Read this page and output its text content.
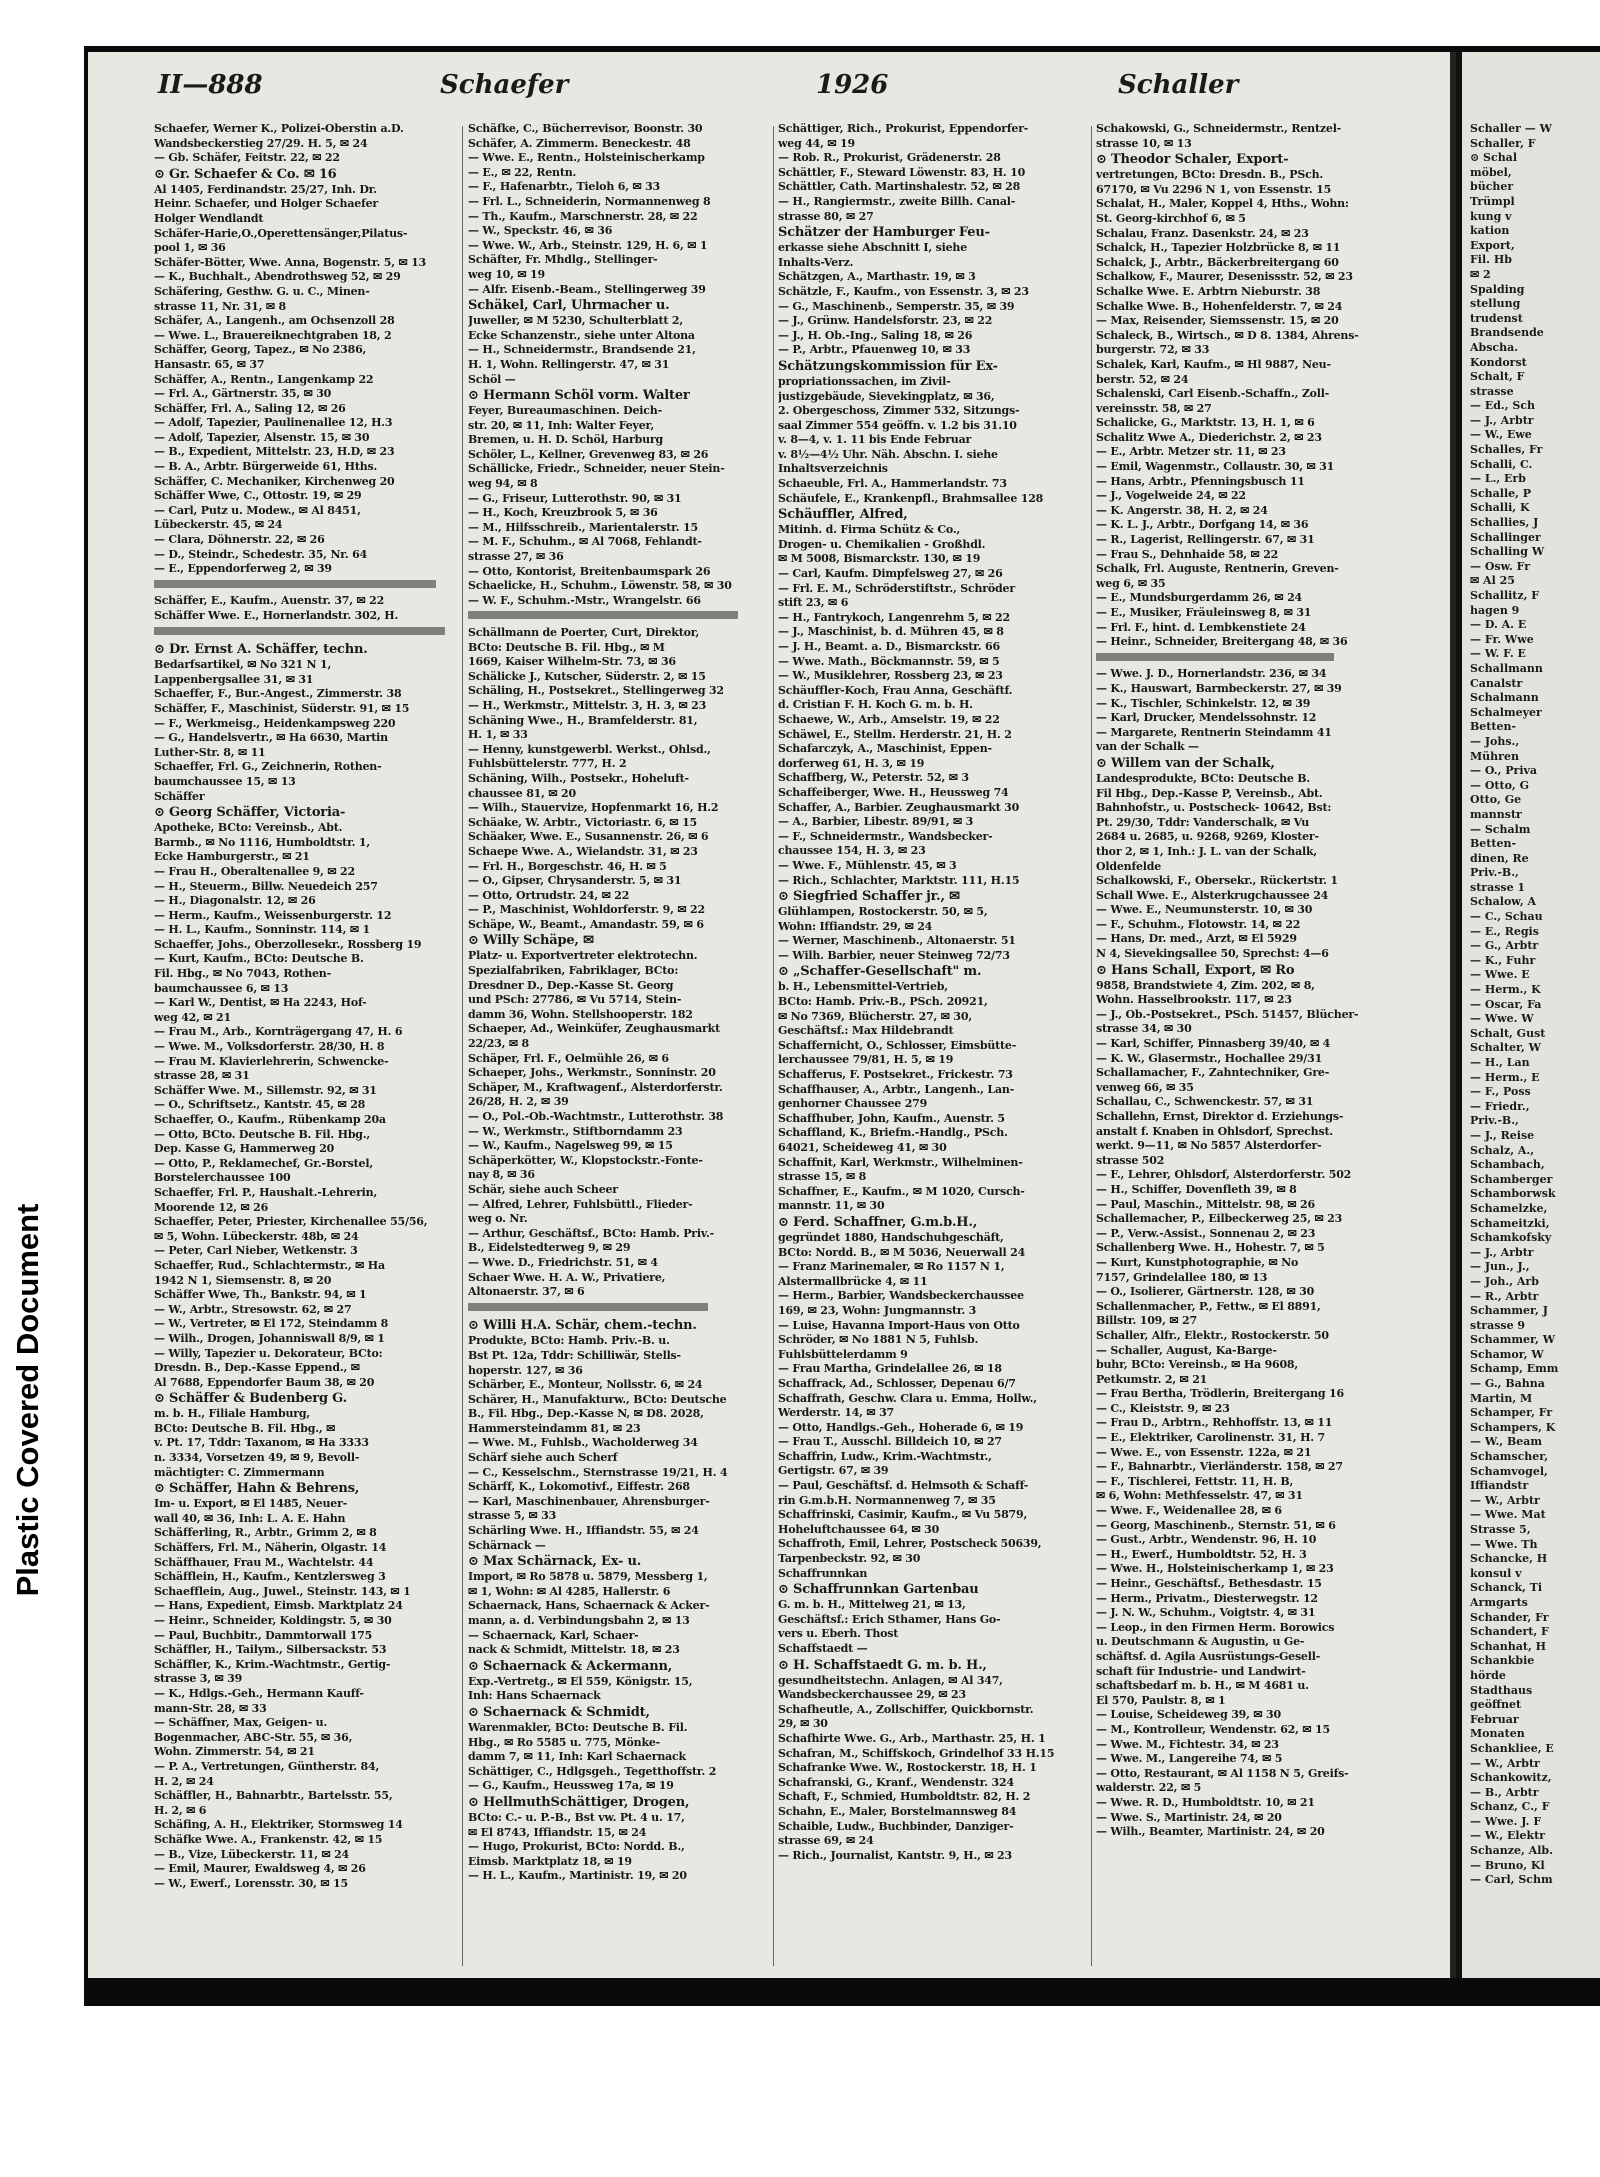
Plastic Covered Document
II—888	Schaefer	1926	Schaller
Schaefer, Werner K., Polizei-Oberstin a.D.
Wandsbeckerstieg 27/29. H. 5, ✉ 24
— Gb. Schäfer, Feitstr. 22, ✉ 22
⊙ Gr. Schaefer & Co. ✉ 16
Al 1405, Ferdinandstr. 25/27, Inh. Dr.
Heinr. Schaefer, und Holger Schaefer
Holger Wendlandt
Schäfer-Harie,O.,Operettensänger,Pilatus-
pool 1, ✉ 36
Schäfer-Bötter, Wwe. Anna, Bogenstr. 5, ✉ 13
— K., Buchhalt., Abendrothsweg 52, ✉ 29
Schäfering, Gesthw. G. u. C., Minen-
strasse 11, Nr. 31, ✉ 8
Schäfer, A., Langenh., am Ochsenzoll 28
— Wwe. L., Brauereiknechtgraben 18, 2
Schäffer, Georg, Tapez., ✉ No 2386,
Hansastr. 65, ✉ 37
Schäffer, A., Rentn., Langenkamp 22
— Frl. A., Gärtnerstr. 35, ✉ 30
Schäffer, Frl. A., Saling 12, ✉ 26
— Adolf, Tapezier, Paulinenallee 12, H.3
— Adolf, Tapezier, Alsenstr. 15, ✉ 30
— B., Expedient, Mittelstr. 23, H.D, ✉ 23
— B. A., Arbtr. Bürgerweide 61, Hths.
Schäffer, C. Mechaniker, Kirchenweg 20
Schäffer Wwe, C., Ottostr. 19, ✉ 29
— Carl, Putz u. Modew., ✉ Al 8451,
Lübeckerstr. 45, ✉ 24
— Clara, Döhnerstr. 22, ✉ 26
— D., Steindr., Schedestr. 35, Nr. 64
— E., Eppendorferweg 2, ✉ 39
Schäffer, E., Kaufm., Auenstr. 37, ✉ 22
Schäffer Wwe. E., Hornerlandstr. 302, H.
⊙ Dr. Ernst A. Schäffer, techn.
Bedarfsartikel, ✉ No 321 N 1,
Lappenbergsallee 31, ✉ 31
Schaeffer, F., Bur.-Angest., Zimmerstr. 38
Schäffer, F., Maschinist, Süderstr. 91, ✉ 15
— F., Werkmeisg., Heidenkampsweg 220
— G., Handelsvertr., ✉ Ha 6630, Martin
Luther-Str. 8, ✉ 11
Schaeffer, Frl. G., Zeichnerin, Rothen-
baumchaussee 15, ✉ 13
Schäffer
⊙ Georg Schäffer, Victoria-
Apotheke, BCto: Vereinsb., Abt.
Barmb., ✉ No 1116, Humboldtstr. 1,
Ecke Hamburgerstr., ✉ 21
— Frau H., Oberaltenallee 9, ✉ 22
— H., Steuerm., Billw. Neuedeich 257
— H., Diagonalstr. 12, ✉ 26
— Herm., Kaufm., Weissenburgerstr. 12
— H. L., Kaufm., Sonninstr. 114, ✉ 1
Schaeffer, Johs., Oberzollesekr., Rossberg 19
— Kurt, Kaufm., BCto: Deutsche B.
Fil. Hbg., ✉ No 7043, Rothen-
baumchaussee 6, ✉ 13
— Karl W., Dentist, ✉ Ha 2243, Hof-
weg 42, ✉ 21
— Frau M., Arb., Kornträgergang 47, H. 6
— Wwe. M., Volksdorferstr. 28/30, H. 8
— Frau M. Klavierlehrerin, Schwencke-
strasse 28, ✉ 31
Schäffer Wwe. M., Sillemstr. 92, ✉ 31
— O., Schriftsetz., Kantstr. 45, ✉ 28
Schaeffer, O., Kaufm., Rübenkamp 20a
— Otto, BCto. Deutsche B. Fil. Hbg.,
Dep. Kasse G, Hammerweg 20
— Otto, P., Reklamechef, Gr.-Borstel,
Borstelerchaussee 100
Schaeffer, Frl. P., Haushalt.-Lehrerin,
Moorende 12, ✉ 26
Schaeffer, Peter, Priester, Kirchenallee 55/56,
✉ 5, Wohn. Lübeckerstr. 48b, ✉ 24
— Peter, Carl Nieber, Wetkenstr. 3
Schaeffer, Rud., Schlachtermstr., ✉ Ha
1942 N 1, Siemsenstr. 8, ✉ 20
Schäffer Wwe, Th., Bankstr. 94, ✉ 1
— W., Arbtr., Stresowstr. 62, ✉ 27
— W., Vertreter, ✉ El 172, Steindamm 8
— Wilh., Drogen, Johanniswall 8/9, ✉ 1
— Willy, Tapezier u. Dekorateur, BCto:
Dresdn. B., Dep.-Kasse Eppend., ✉
Al 7688, Eppendorfer Baum 38, ✉ 20
⊙ Schäffer & Budenberg G.
m. b. H., Filiale Hamburg,
BCto: Deutsche B. Fil. Hbg., ✉
v. Pt. 17, Tddr: Taxanom, ✉ Ha 3333
n. 3334, Vorsetzen 49, ✉ 9, Bevoll-
mächtigter: C. Zimmermann
⊙ Schäffer, Hahn & Behrens,
Im- u. Export, ✉ El 1485, Neuer-
wall 40, ✉ 36, Inh: L. A. E. Hahn
Schäfferling, R., Arbtr., Grimm 2, ✉ 8
Schäffers, Frl. M., Näherin, Olgastr. 14
Schäffhauer, Frau M., Wachtelstr. 44
Schäfflein, H., Kaufm., Kentzlersweg 3
Schaefflein, Aug., Juwel., Steinstr. 143, ✉ 1
— Hans, Expedient, Eimsb. Marktplatz 24
— Heinr., Schneider, Koldingstr. 5, ✉ 30
— Paul, Buchbitr., Dammtorwall 175
Schäffler, H., Tailym., Silbersackstr. 53
Schäffler, K., Krim.-Wachtmstr., Gertig-
strasse 3, ✉ 39
— K., Hdlgs.-Geh., Hermann Kauff-
mann-Str. 28, ✉ 33
— Schäffner, Max, Geigen- u.
Bogenmacher, ABC-Str. 55, ✉ 36,
Wohn. Zimmerstr. 54, ✉ 21
— P. A., Vertretungen, Güntherstr. 84,
H. 2, ✉ 24
Schäffler, H., Bahnarbtr., Bartelsstr. 55,
H. 2, ✉ 6
Schäfing, A. H., Elektriker, Stormsweg 14
Schäfke Wwe. A., Frankenstr. 42, ✉ 15
— B., Vize, Lübeckerstr. 11, ✉ 24
— Emil, Maurer, Ewaldsweg 4, ✉ 26
— W., Ewerf., Lorensstr. 30, ✉ 15
Schäfke, C., Bücherrevisor, Boonstr. 30
Schäfer, A. Zimmerm. Beneckestr. 48
— Wwe. E., Rentn., Holsteinischerkamp
— E., ✉ 22, Rentn.
— F., Hafenarbtr., Tieloh 6, ✉ 33
— Frl. L., Schneiderin, Normannenweg 8
— Th., Kaufm., Marschnerstr. 28, ✉ 22
— W., Speckstr. 46, ✉ 36
— Wwe. W., Arb., Steinstr. 129, H. 6, ✉ 1
Schäfter, Fr. Mhdlg., Stellinger-
weg 10, ✉ 19
— Alfr. Eisenb.-Beam., Stellingerweg 39
Schäkel, Carl, Uhrmacher u.
Juweller, ✉ M 5230, Schulterblatt 2,
Ecke Schanzenstr., siehe unter Altona
— H., Schneidermstr., Brandsende 21,
H. 1, Wohn. Rellingerstr. 47, ✉ 31
Schöl —
⊙ Hermann Schöl vorm. Walter
Feyer, Bureaumaschinen. Deich-
str. 20, ✉ 11, Inh: Walter Feyer,
Bremen, u. H. D. Schöl, Harburg
Schöler, L., Kellner, Grevenweg 83, ✉ 26
Schällicke, Friedr., Schneider, neuer Stein-
weg 94, ✉ 8
— G., Friseur, Lutterothstr. 90, ✉ 31
— H., Koch, Kreuzbrook 5, ✉ 36
— M., Hilfsschreib., Marientalerstr. 15
— M. F., Schuhm., ✉ Al 7068, Fehlandt-
strasse 27, ✉ 36
— Otto, Kontorist, Breitenbaumspark 26
Schaelicke, H., Schuhm., Löwenstr. 58, ✉ 30
— W. F., Schuhm.-Mstr., Wrangelstr. 66
Schällmann de Poerter, Curt, Direktor,
BCto: Deutsche B. Fil. Hbg., ✉ M
1669, Kaiser Wilhelm-Str. 73, ✉ 36
Schälicke J., Kutscher, Süderstr. 2, ✉ 15
Schäling, H., Postsekret., Stellingerweg 32
— H., Werkmstr., Mittelstr. 3, H. 3, ✉ 23
Schäning Wwe., H., Bramfelderstr. 81,
H. 1, ✉ 33
— Henny, kunstgewerbl. Werkst., Ohlsd.,
Fuhlsbüttelerstr. 777, H. 2
Schäning, Wilh., Postsekr., Hoheluft-
chaussee 81, ✉ 20
— Wilh., Stauervize, Hopfenmarkt 16, H.2
Schäake, W. Arbtr., Victoriastr. 6, ✉ 15
Schäaker, Wwe. E., Susannenstr. 26, ✉ 6
Schaepe Wwe. A., Wielandstr. 31, ✉ 23
— Frl. H., Borgeschstr. 46, H. ✉ 5
— O., Gipser, Chrysanderstr. 5, ✉ 31
— Otto, Ortrudstr. 24, ✉ 22
— P., Maschinist, Wohldorferstr. 9, ✉ 22
Schäpe, W., Beamt., Amandastr. 59, ✉ 6
⊙ Willy Schäpe, ✉
Platz- u. Exportvertreter elektrotechn.
Spezialfabriken, Fabriklager, BCto:
Dresdner D., Dep.-Kasse St. Georg
und PSch: 27786, ✉ Vu 5714, Stein-
damm 36, Wohn. Stellshooperstr. 182
Schaeper, Ad., Weinküfer, Zeughausmarkt
22/23, ✉ 8
Schäper, Frl. F., Oelmühle 26, ✉ 6
Schaeper, Johs., Werkmstr., Sonninstr. 20
Schäper, M., Kraftwagenf., Alsterdorferstr.
26/28, H. 2, ✉ 39
— O., Pol.-Ob.-Wachtmstr., Lutterothstr. 38
— W., Werkmstr., Stiftborndamm 23
— W., Kaufm., Nagelsweg 99, ✉ 15
Schäperkötter, W., Klopstockstr.-Fonte-
nay 8, ✉ 36
Schär, siehe auch Scheer
— Alfred, Lehrer, Fuhlsbüttl., Flieder-
weg o. Nr.
— Arthur, Geschäftsf., BCto: Hamb. Priv.-
B., Eidelstedterweg 9, ✉ 29
— Wwe. D., Friedrichstr. 51, ✉ 4
Schaer Wwe. H. A. W., Privatiere,
Altonaerstr. 37, ✉ 6
⊙ Willi H.A. Schär, chem.-techn.
Produkte, BCto: Hamb. Priv.-B. u.
Bst Pt. 12a, Tddr: Schilliwär, Stells-
hoperstr. 127, ✉ 36
Schärber, E., Monteur, Nollsstr. 6, ✉ 24
Schärer, H., Manufakturw., BCto: Deutsche
B., Fil. Hbg., Dep.-Kasse N, ✉ D8. 2028,
Hammersteindamm 81, ✉ 23
— Wwe. M., Fuhlsb., Wacholderweg 34
Schärf siehe auch Scherf
— C., Kesselschm., Sternstrasse 19/21, H. 4
Schärff, K., Lokomotivf., Eiffestr. 268
— Karl, Maschinenbauer, Ahrensburger-
strasse 5, ✉ 33
Schärling Wwe. H., Iffiandstr. 55, ✉ 24
Schärnack —
⊙ Max Schärnack, Ex- u.
Import, ✉ Ro 5878 u. 5879, Messberg 1,
✉ 1, Wohn: ✉ Al 4285, Hallerstr. 6
Schaernack, Hans, Schaernack & Acker-
mann, a. d. Verbindungsbahn 2, ✉ 13
— Schaernack, Karl, Schaer-
nack & Schmidt, Mittelstr. 18, ✉ 23
⊙ Schaernack & Ackermann,
Exp.-Vertretg., ✉ El 559, Königstr. 15,
Inh: Hans Schaernack
⊙ Schaernack & Schmidt,
Warenmakler, BCto: Deutsche B. Fil.
Hbg., ✉ Ro 5585 u. 775, Mönke-
damm 7, ✉ 11, Inh: Karl Schaernack
Schättiger, C., Hdlgsgeh., Tegetthoffstr. 2
— G., Kaufm., Heussweg 17a, ✉ 19
⊙ HellmuthSchättiger, Drogen,
BCto: C.- u. P.-B., Bst vw. Pt. 4 u. 17,
✉ El 8743, Iffiandstr. 15, ✉ 24
— Hugo, Prokurist, BCto: Nordd. B.,
Eimsb. Marktplatz 18, ✉ 19
— H. L., Kaufm., Martinistr. 19, ✉ 20
Schättiger, Rich., Prokurist, Eppendorfer-
weg 44, ✉ 19
— Rob. R., Prokurist, Grädenerstr. 28
Schättler, F., Steward Löwenstr. 83, H. 10
Schättler, Cath. Martinshalestr. 52, ✉ 28
— H., Rangiermstr., zweite Billh. Canal-
strasse 80, ✉ 27
Schätzer der Hamburger Feu-
erkasse siehe Abschnitt I, siehe
Inhalts-Verz.
Schätzgen, A., Marthastr. 19, ✉ 3
Schätzle, F., Kaufm., von Essenstr. 3, ✉ 23
— G., Maschinenb., Semperstr. 35, ✉ 39
— J., Grünw. Handelsforstr. 23, ✉ 22
— J., H. Ob.-Ing., Saling 18, ✉ 26
— P., Arbtr., Pfauenweg 10, ✉ 33
Schätzungskommission für Ex-
propriationssachen, im Zivil-
justizgebäude, Sievekingplatz, ✉ 36,
2. Obergeschoss, Zimmer 532, Sitzungs-
saal Zimmer 554 geöffn. v. 1.2 bis 31.10
v. 8—4, v. 1. 11 bis Ende Februar
v. 8½—4½ Uhr. Näh. Abschn. I. siehe
Inhaltsverzeichnis
Schaeuble, Frl. A., Hammerlandstr. 73
Schäufele, E., Krankenpfl., Brahmsallee 128
Schäuffler, Alfred,
Mitinh. d. Firma Schütz & Co.,
Drogen- u. Chemikalien - Großhdl.
✉ M 5008, Bismarckstr. 130, ✉ 19
— Carl, Kaufm. Dimpfelsweg 27, ✉ 26
— Frl. E. M., Schröderstiftstr., Schröder
stift 23, ✉ 6
— H., Fantrykoch, Langenrehm 5, ✉ 22
— J., Maschinist, b. d. Mühren 45, ✉ 8
— J. H., Beamt. a. D., Bismarckstr. 66
— Wwe. Math., Böckmannstr. 59, ✉ 5
— W., Musiklehrer, Rossberg 23, ✉ 23
Schäuffler-Koch, Frau Anna, Geschäftf.
d. Cristian F. H. Koch G. m. b. H.
Schaewe, W., Arb., Amselstr. 19, ✉ 22
Schäwel, E., Stellm. Herderstr. 21, H. 2
Schafarczyk, A., Maschinist, Eppen-
dorferweg 61, H. 3, ✉ 19
Schaffberg, W., Peterstr. 52, ✉ 3
Schaffeiberger, Wwe. H., Heussweg 74
Schaffer, A., Barbier. Zeughausmarkt 30
— A., Barbier, Libestr. 89/91, ✉ 3
— F., Schneidermstr., Wandsbecker-
chaussee 154, H. 3, ✉ 23
— Wwe. F., Mühlenstr. 45, ✉ 3
— Rich., Schlachter, Marktstr. 111, H.15
⊙ Siegfried Schaffer jr., ✉
Glühlampen, Rostockerstr. 50, ✉ 5,
Wohn: Iffiandstr. 29, ✉ 24
— Werner, Maschinenb., Altonaerstr. 51
— Wilh. Barbier, neuer Steinweg 72/73
⊙ „Schaffer-Gesellschaft" m.
b. H., Lebensmittel-Vertrieb,
BCto: Hamb. Priv.-B., PSch. 20921,
✉ No 7369, Blücherstr. 27, ✉ 30,
Geschäftsf.: Max Hildebrandt
Schaffernicht, O., Schlosser, Eimsbütte-
lerchaussee 79/81, H. 5, ✉ 19
Schafferus, F. Postsekret., Frickestr. 73
Schaffhauser, A., Arbtr., Langenh., Lan-
genhorner Chaussee 279
Schaffhuber, John, Kaufm., Auenstr. 5
Schaffland, K., Briefm.-Handlg., PSch.
64021, Scheideweg 41, ✉ 30
Schaffnit, Karl, Werkmstr., Wilhelminen-
strasse 15, ✉ 8
Schaffner, E., Kaufm., ✉ M 1020, Cursch-
mannstr. 11, ✉ 30
⊙ Ferd. Schaffner, G.m.b.H.,
gegründet 1880, Handschuhgeschäft,
BCto: Nordd. B., ✉ M 5036, Neuerwall 24
— Franz Marinemaler, ✉ Ro 1157 N 1,
Alstermallbrücke 4, ✉ 11
— Herm., Barbier, Wandsbeckerchaussee
169, ✉ 23, Wohn: Jungmannstr. 3
— Luise, Havanna Import-Haus von Otto
Schröder, ✉ No 1881 N 5, Fuhlsb.
Fuhlsbüttelerdamm 9
— Frau Martha, Grindelallee 26, ✉ 18
Schaffrack, Ad., Schlosser, Depenau 6/7
Schaffrath, Geschw. Clara u. Emma, Hollw.,
Werderstr. 14, ✉ 37
— Otto, Handlgs.-Geh., Hoherade 6, ✉ 19
— Frau T., Ausschl. Billdeich 10, ✉ 27
Schaffrin, Ludw., Krim.-Wachtmstr.,
Gertigstr. 67, ✉ 39
— Paul, Geschäftsf. d. Helmsoth & Schaff-
rin G.m.b.H. Normannenweg 7, ✉ 35
Schaffrinski, Casimir, Kaufm., ✉ Vu 5879,
Hoheluftchaussee 64, ✉ 30
Schaffroth, Emil, Lehrer, Postscheck 50639,
Tarpenbeckstr. 92, ✉ 30
Schaffrunnkan
⊙ Schaffrunnkan Gartenbau
G. m. b. H., Mittelweg 21, ✉ 13,
Geschäftsf.: Erich Sthamer, Hans Go-
vers u. Eberh. Thost
Schaffstaedt —
⊙ H. Schaffstaedt G. m. b. H.,
gesundheitstechn. Anlagen, ✉ Al 347,
Wandsbeckerchaussee 29, ✉ 23
Schafheutle, A., Zollschiffer, Quickbornstr.
29, ✉ 30
Schafhirte Wwe. G., Arb., Marthastr. 25, H. 1
Schafran, M., Schiffskoch, Grindelhof 33 H.15
Schafranke Wwe. W., Rostockerstr. 18, H. 1
Schafranski, G., Kranf., Wendenstr. 324
Schaft, F., Schmied, Humboldtstr. 82, H. 2
Schahn, E., Maler, Borstelmannsweg 84
Schaible, Ludw., Buchbinder, Danziger-
strasse 69, ✉ 24
— Rich., Journalist, Kantstr. 9, H., ✉ 23
Schakowski, G., Schneidermstr., Rentzel-
strasse 10, ✉ 13
⊙ Theodor Schaler, Export-
vertretungen, BCto: Dresdn. B., PSch.
67170, ✉ Vu 2296 N 1, von Essenstr. 15
Schalat, H., Maler, Koppel 4, Hths., Wohn:
St. Georg-kirchhof 6, ✉ 5
Schalau, Franz. Dasenkstr. 24, ✉ 23
Schalck, H., Tapezier Holzbrücke 8, ✉ 11
Schalck, J., Arbtr., Bäckerbreitergang 60
Schalkow, F., Maurer, Desenissstr. 52, ✉ 23
Schalke Wwe. E. Arbtrn Nieburstr. 38
Schalke Wwe. B., Hohenfelderstr. 7, ✉ 24
— Max, Reisender, Siemssenstr. 15, ✉ 20
Schaleck, B., Wirtsch., ✉ D 8. 1384, Ahrens-
burgerstr. 72, ✉ 33
Schalek, Karl, Kaufm., ✉ Hl 9887, Neu-
berstr. 52, ✉ 24
Schalenski, Carl Eisenb.-Schaffn., Zoll-
vereinsstr. 58, ✉ 27
Schalicke, G., Marktstr. 13, H. 1, ✉ 6
Schalitz Wwe A., Diederichstr. 2, ✉ 23
— E., Arbtr. Metzer str. 11, ✉ 23
— Emil, Wagenmstr., Collaustr. 30, ✉ 31
— Hans, Arbtr., Pfenningsbusch 11
— J., Vogelweide 24, ✉ 22
— K. Angerstr. 38, H. 2, ✉ 24
— K. L. J., Arbtr., Dorfgang 14, ✉ 36
— R., Lagerist, Rellingerstr. 67, ✉ 31
— Frau S., Dehnhaide 58, ✉ 22
Schalk, Frl. Auguste, Rentnerin, Greven-
weg 6, ✉ 35
— E., Mundsburgerdamm 26, ✉ 24
— E., Musiker, Fräuleinsweg 8, ✉ 31
— Frl. F., hint. d. Lembkenstiete 24
— Heinr., Schneider, Breitergang 48, ✉ 36
— Wwe. J. D., Hornerlandstr. 236, ✉ 34
— K., Hauswart, Barmbeckerstr. 27, ✉ 39
— K., Tischler, Schinkelstr. 12, ✉ 39
— Karl, Drucker, Mendelssohnstr. 12
— Margarete, Rentnerin Steindamm 41
van der Schalk —
⊙ Willem van der Schalk,
Landesprodukte, BCto: Deutsche B.
Fil Hbg., Dep.-Kasse P, Vereinsb., Abt.
Bahnhofstr., u. Postscheck- 10642, Bst:
Pt. 29/30, Tddr: Vanderschalk, ✉ Vu
2684 u. 2685, u. 9268, 9269, Kloster-
thor 2, ✉ 1, Inh.: J. L. van der Schalk,
Oldenfelde
Schalkowski, F., Obersekr., Rückertstr. 1
Schall Wwe. E., Alsterkrugchaussee 24
— Wwe. E., Neumunsterstr. 10, ✉ 30
— F., Schuhm., Flotowstr. 14, ✉ 22
— Hans, Dr. med., Arzt, ✉ El 5929
N 4, Sievekingsallee 50, Sprechst: 4—6
⊙ Hans Schall, Export, ✉ Ro
9858, Brandstwiete 4, Zim. 202, ✉ 8,
Wohn. Hasselbrookstr. 117, ✉ 23
— J., Ob.-Postsekret., PSch. 51457, Blücher-
strasse 34, ✉ 30
— Karl, Schiffer, Pinnasberg 39/40, ✉ 4
— K. W., Glasermstr., Hochallee 29/31
Schallamacher, F., Zahntechniker, Gre-
venweg 66, ✉ 35
Schallau, C., Schwenckestr. 57, ✉ 31
Schallehn, Ernst, Direktor d. Erziehungs-
anstalt f. Knaben in Ohlsdorf, Sprechst.
werkt. 9—11, ✉ No 5857 Alsterdorfer-
strasse 502
— F., Lehrer, Ohlsdorf, Alsterdorferstr. 502
— H., Schiffer, Dovenfleth 39, ✉ 8
— Paul, Maschin., Mittelstr. 98, ✉ 26
Schallemacher, P., Eilbeckerweg 25, ✉ 23
— P., Verw.-Assist., Sonnenau 2, ✉ 23
Schallenberg Wwe. H., Hohestr. 7, ✉ 5
— Kurt, Kunstphotographie, ✉ No
7157, Grindelallee 180, ✉ 13
— O., Isolierer, Gärtnerstr. 128, ✉ 30
Schallenmacher, P., Fettw., ✉ El 8891,
Billstr. 109, ✉ 27
Schaller, Alfr., Elektr., Rostockerstr. 50
— Schaller, August, Ka-Barge-
buhr, BCto: Vereinsb., ✉ Ha 9608,
Petkumstr. 2, ✉ 21
— Frau Bertha, Trödlerin, Breitergang 16
— C., Kleiststr. 9, ✉ 23
— Frau D., Arbtrn., Rehhoffstr. 13, ✉ 11
— E., Elektriker, Carolinenstr. 31, H. 7
— Wwe. E., von Essenstr. 122a, ✉ 21
— F., Bahnarbtr., Vierländerstr. 158, ✉ 27
— F., Tischlerei, Fettstr. 11, H. B,
✉ 6, Wohn: Methfesselstr. 47, ✉ 31
— Wwe. F., Weidenallee 28, ✉ 6
— Georg, Maschinenb., Sternstr. 51, ✉ 6
— Gust., Arbtr., Wendenstr. 96, H. 10
— H., Ewerf., Humboldtstr. 52, H. 3
— Wwe. H., Holsteinischerkamp 1, ✉ 23
— Heinr., Geschäftsf., Bethesdastr. 15
— Herm., Privatm., Diesterwegstr. 12
— J. N. W., Schuhm., Voigtstr. 4, ✉ 31
— Leop., in den Firmen Herm. Borowics
u. Deutschmann & Augustin, u Ge-
schäftsf. d. Agila Ausrüstungs-Gesell-
schaft für Industrie- und Landwirt-
schaftsbedarf m. b. H., ✉ M 4681 u.
El 570, Paulstr. 8, ✉ 1
— Louise, Scheideweg 39, ✉ 30
— M., Kontrolleur, Wendenstr. 62, ✉ 15
— Wwe. M., Fichtestr. 34, ✉ 23
— Wwe. M., Langereihe 74, ✉ 5
— Otto, Restaurant, ✉ Al 1158 N 5, Greifs-
walderstr. 22, ✉ 5
— Wwe. R. D., Humboldtstr. 10, ✉ 21
— Wwe. S., Martinistr. 24, ✉ 20
— Wilh., Beamter, Martinistr. 24, ✉ 20
Schaller — W
Schaller, F
⊙ Schal
möbel,
bücher
Trümpl
kung v
kation
Export,
Fil. Hb
✉ 2
Spalding
stellung
trudenst
Brandsende
Abscha.
Kondorst
Schalt, F
strasse
— Ed., Sch
— J., Arbtr
— W., Ewe
Schalles, Fr
Schalli, C.
— L., Erb
Schalle, P
Schalli, K
Schallies, J
Schallinger
Schalling W
— Osw. Fr
✉ Al 25
Schallitz, F
hagen 9
— D. A. E
— Fr. Wwe
— W. F. E
Schallmann
Canalstr
Schalmann
Schalmeyer
Betten-
— Johs.,
Mühren
— O., Priva
— Otto, G
Otto, Ge
mannstr
— Schalm
Betten-
dinen, Re
Priv.-B.,
strasse 1
Schalow, A
— C., Schau
— E., Regis
— G., Arbtr
— K., Fuhr
— Wwe. E
— Herm., K
— Oscar, Fa
— Wwe. W
Schalt, Gust
Schalter, W
— H., Lan
— Herm., E
— F., Poss
— Friedr.,
Priv.-B.,
— J., Reise
Schalz, A.,
Schambach,
Schamberger
Schamborwsk
Schamelzke,
Schameitzki,
Schamkofsky
— J., Arbtr
— Jun., J.,
— Joh., Arb
— R., Arbtr
Schammer, J
strasse 9
Schammer, W
Schamor, W
Schamp, Emm
— G., Bahna
Martin, M
Schamper, Fr
Schampers, K
— W., Beam
Schamscher,
Schamvogel,
Iffiandstr
— W., Arbtr
— Wwe. Mat
Strasse 5,
— Wwe. Th
Schancke, H
konsul v
Schanck, Ti
Armgarts
Schander, Fr
Schandert, F
Schanhat, H
Schankbie
hörde
Stadthaus
geöffnet
Februar
Monaten
Schankliee, E
— W., Arbtr
Schankowitz,
— B., Arbtr
Schanz, C., F
— Wwe. J. F
— W., Elektr
Schanze, Alb.
— Bruno, Kl
— Carl, Schm
